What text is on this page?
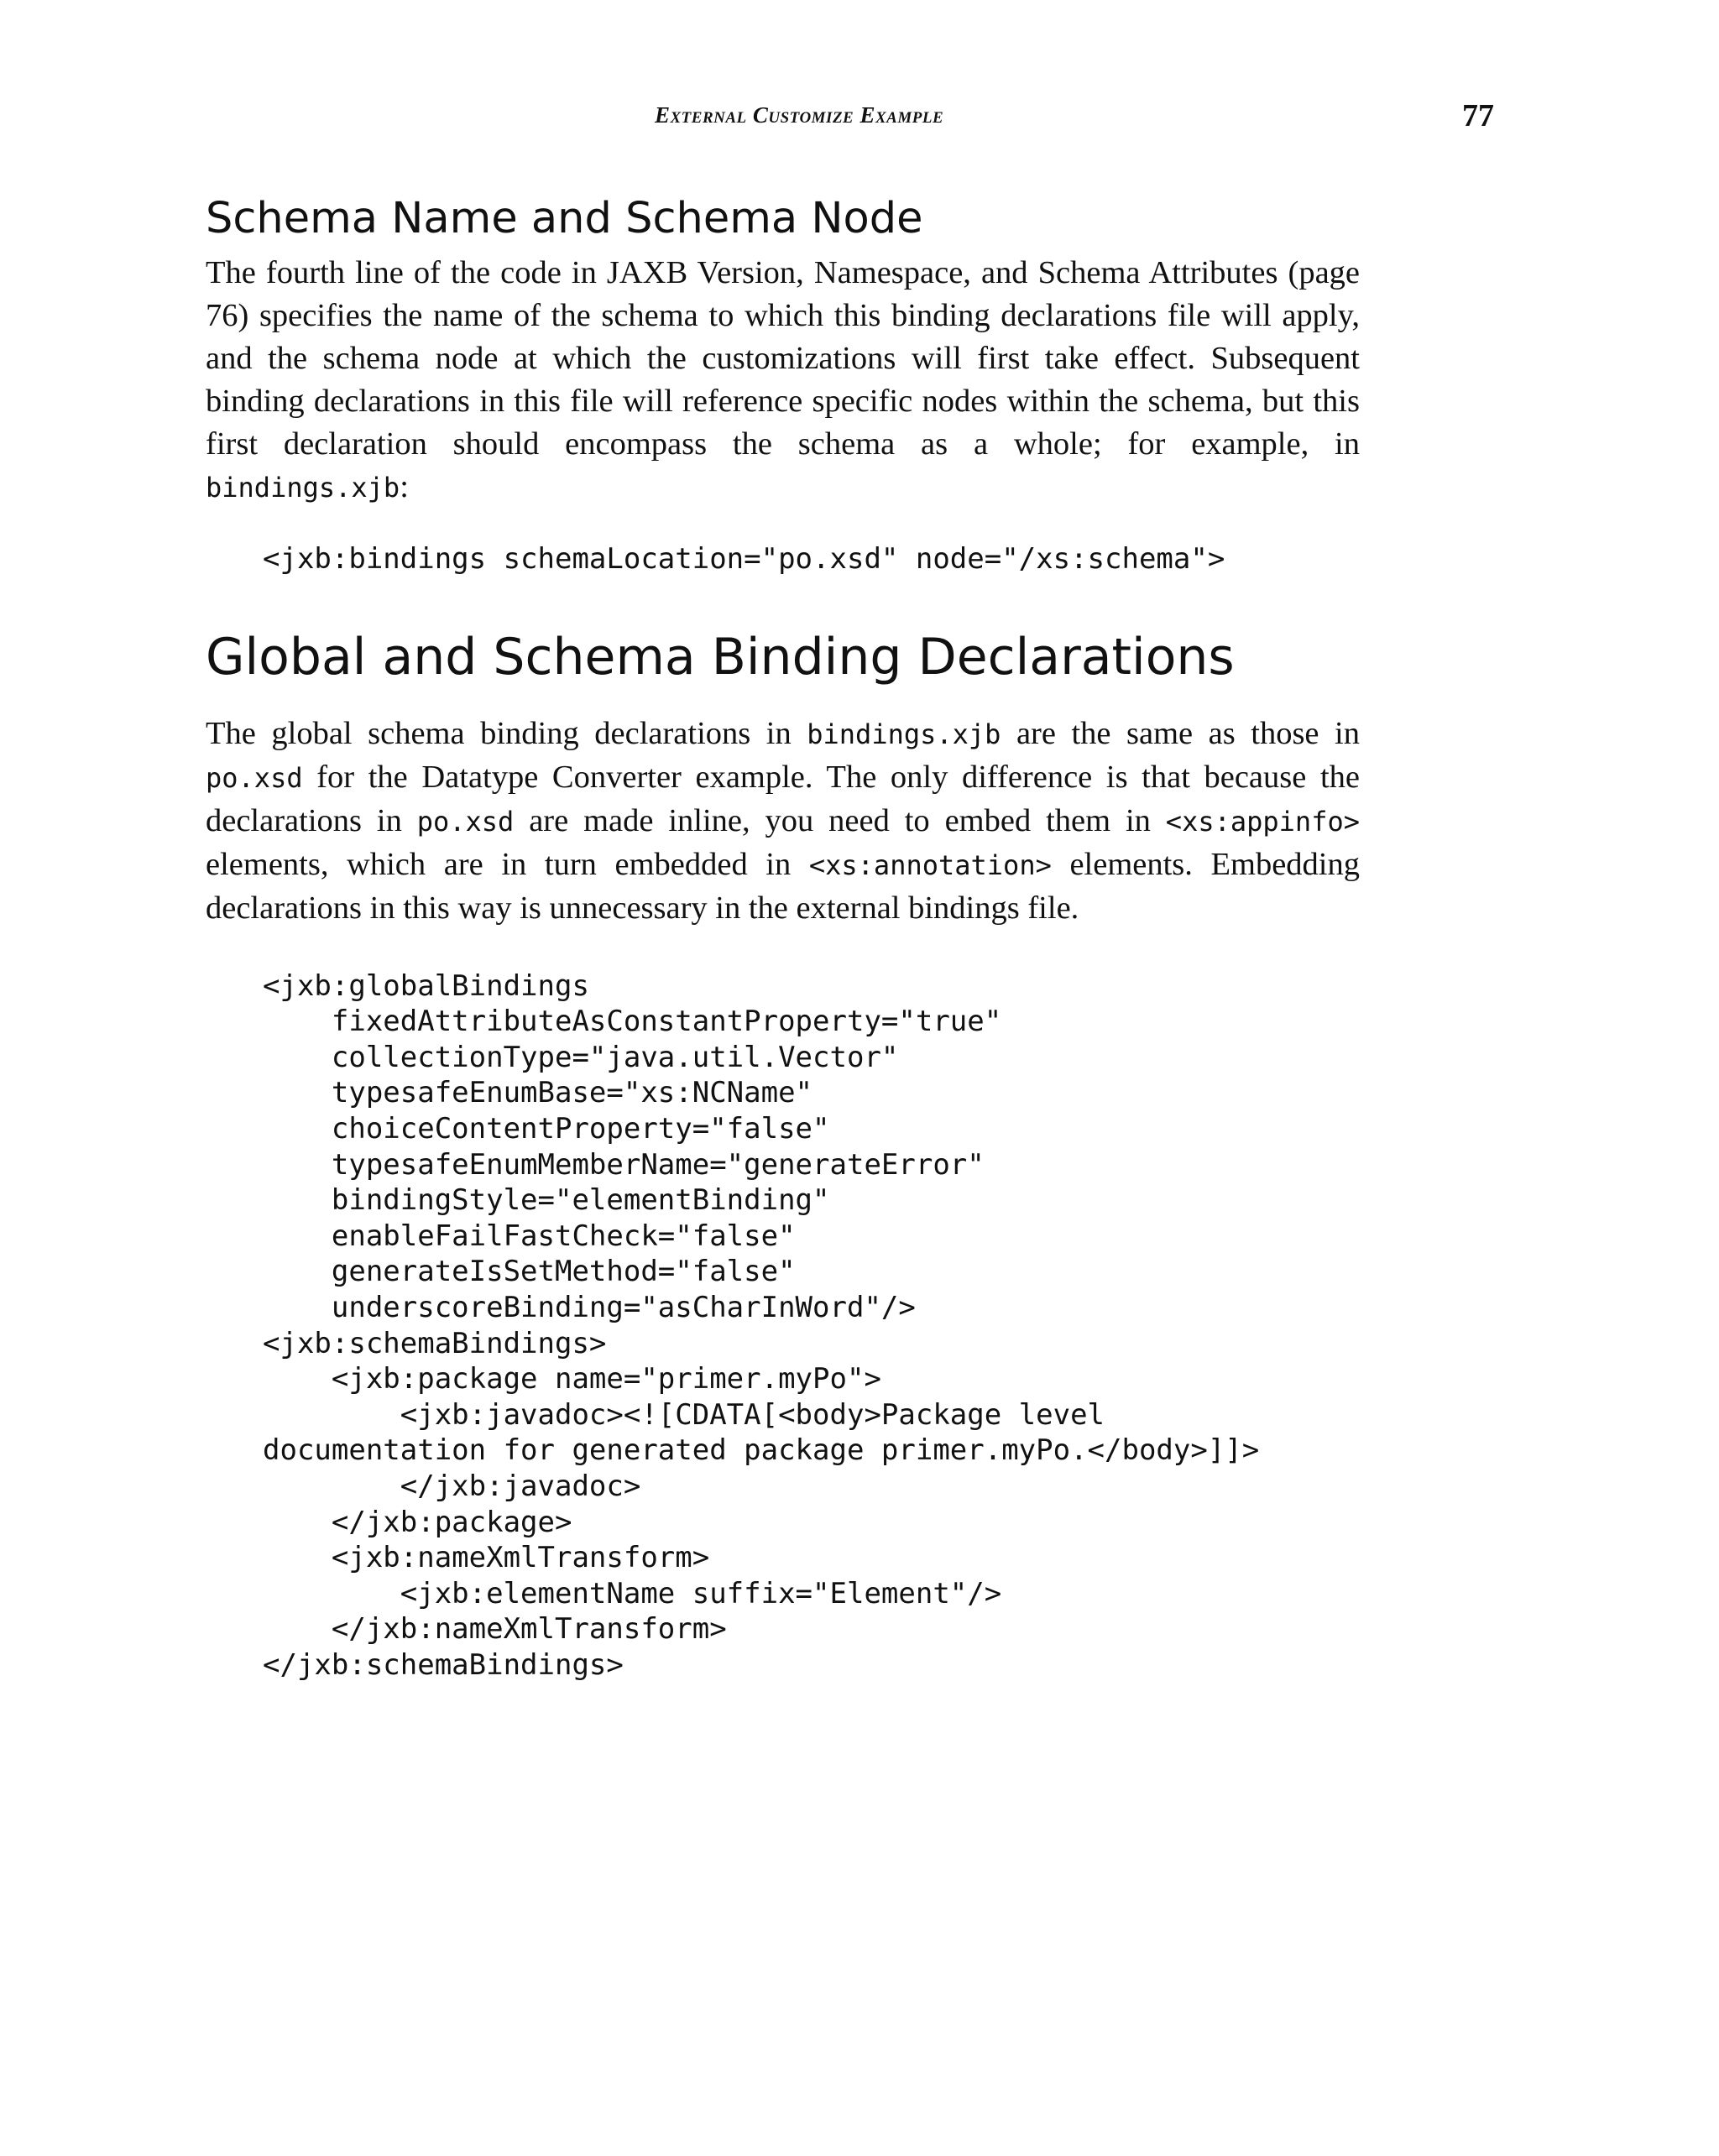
External Customize Example	77
Schema Name and Schema Node

The fourth line of the code in JAXB Version, Namespace, and Schema Attributes (page 76) specifies the name of the schema to which this binding declarations file will apply, and the schema node at which the customizations will first take effect. Subsequent binding declarations in this file will reference specific nodes within the schema, but this first declaration should encompass the schema as a whole; for example, in bindings.xjb:

<jxb:bindings schemaLocation="po.xsd" node="/xs:schema">
Global and Schema Binding Declarations

The global schema binding declarations in bindings.xjb are the same as those in po.xsd for the Datatype Converter example. The only difference is that because the declarations in po.xsd are made inline, you need to embed them in <xs:appinfo> elements, which are in turn embedded in <xs:annotation> elements. Embedding declarations in this way is unnecessary in the external bindings file.

<jxb:globalBindings
fixedAttributeAsConstantProperty="true"
collectionType="java.util.Vector"
typesafeEnumBase="xs:NCName"
choiceContentProperty="false"
typesafeEnumMemberName="generateError"
bindingStyle="elementBinding"
enableFailFastCheck="false"
generateIsSetMethod="false"
underscoreBinding="asCharInWord"/>
<jxb:schemaBindings>
<jxb:package name="primer.myPo">
<jxb:javadoc><![CDATA[<body>Package level
documentation for generated package primer.myPo.</body>]]>
</jxb:javadoc>
</jxb:package>
<jxb:nameXmlTransform>
<jxb:elementName suffix="Element"/>
</jxb:nameXmlTransform>
</jxb:schemaBindings>
